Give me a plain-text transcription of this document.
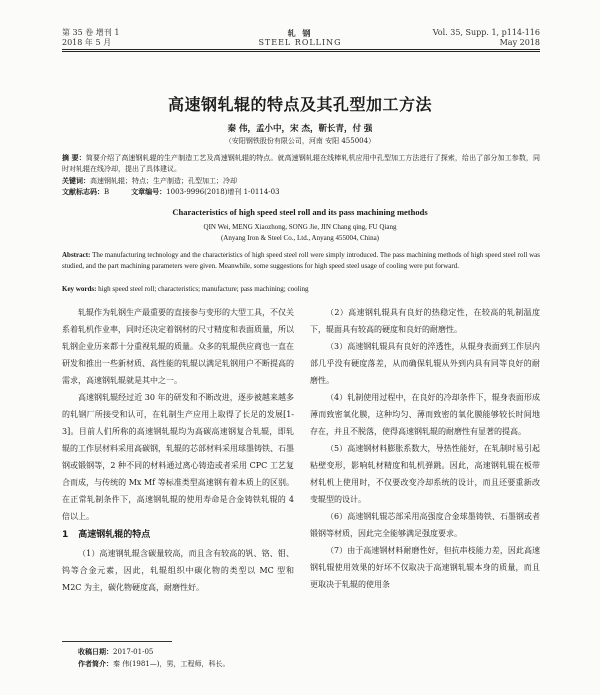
第 35 卷 增刊 1
2018 年 5 月
轧 钢
STEEL ROLLING
Vol. 35, Supp. 1, p114-116
May 2018
高速钢轧辊的特点及其孔型加工方法
秦 伟，孟小中，宋 杰，靳长青，付 强
（安阳钢铁股份有限公司，河南 安阳 455004）
摘 要：简要介绍了高速钢轧辊的生产制造工艺及高速钢轧辊的特点。就高速钢轧辊在线棒轧机应用中孔型加工方法进行了探索，给出了部分加工参数，同时对轧辊在线冷却，提出了具体建议。
关键词：高速钢轧辊；特点；生产制造；孔型加工；冷却
文献标志码：B	文章编号：1003-9996(2018)增刊 1-0114-03
Characteristics of high speed steel roll and its pass machining methods
QIN Wei, MENG Xiaozhong, SONG Jie, JIN Chang qing, FU Qiang
(Anyang Iron & Steel Co., Ltd., Anyang 455004, China)
Abstract: The manufacturing technology and the characteristics of high speed steel roll were simply introduced. The pass machining methods of high speed steel roll was studied, and the part machining parameters were given. Meanwhile, some suggestions for high speed steel usage of cooling were put forward.
Key words: high speed steel roll; characteristics; manufacture; pass machining; cooling
轧辊作为轧钢生产最重要的直接参与变形的大型工具，不仅关系着轧机作业率，同时还决定着钢材的尺寸精度和表面质量，所以轧钢企业历来都十分重视轧辊的质量。众多的轧辊供应商也一直在研发和推出一些新材质、高性能的轧辊以满足轧钢用户不断提高的需求，高速钢轧辊就是其中之一。
高速钢轧辊经过近 30 年的研发和不断改进，逐步被越来越多的轧钢厂所接受和认可，在轧制生产应用上取得了长足的发展[1-3]。目前人们所称的高速钢轧辊均为高碳高速钢复合轧辊，即轧辊的工作层材料采用高碳钢，轧辊的芯部材料采用球墨铸铁、石墨钢或锻钢等，2 种不同的材料通过离心铸造或者采用 CPC 工艺复合而成，与传统的 Mx Mf 等标准类型高速钢有着本质上的区别。在正常轧制条件下，高速钢轧辊的使用寿命是合金铸铁轧辊的 4 倍以上。
1 高速钢轧辊的特点
（1）高速钢轧辊含碳量较高，而且含有较高的钒、铬、钼、钨等合金元素，因此，轧辊组织中碳化物的类型以 MC 型和 M2C 为主，碳化物硬度高，耐磨性好。
（2）高速钢轧辊具有良好的热稳定性，在较高的轧制温度下，辊面具有较高的硬度和良好的耐磨性。
（3）高速钢轧辊具有良好的淬透性，从辊身表面到工作层内部几乎没有硬度落差，从而确保轧辊从外到内具有同等良好的耐磨性。
（4）轧制使用过程中，在良好的冷却条件下，辊身表面形成薄而致密氧化膜，这种均匀、薄而致密的氧化膜能够较长时间地存在，并且不脱落，使得高速钢轧辊的耐磨性有显著的提高。
（5）高速钢材料膨胀系数大，导热性能好，在轧制时易引起粘壁变形，影响轧材精度和轧机弹跳。因此，高速钢轧辊在板带材轧机上使用时，不仅要改变冷却系统的设计，而且还要重新改变辊型的设计。
（6）高速钢轧辊芯部采用高强度合金球墨铸铁、石墨钢或者锻钢等材质，因此完全能够满足强度要求。
（7）由于高速钢材料耐磨性好，但抗串枝能力差，因此高速钢轧辊使用效果的好坏不仅取决于高速钢轧辊本身的质量，而且更取决于轧辊的使用条
收稿日期：2017-01-05
作者简介：秦 伟(1981—)，男，工程师，科长。
